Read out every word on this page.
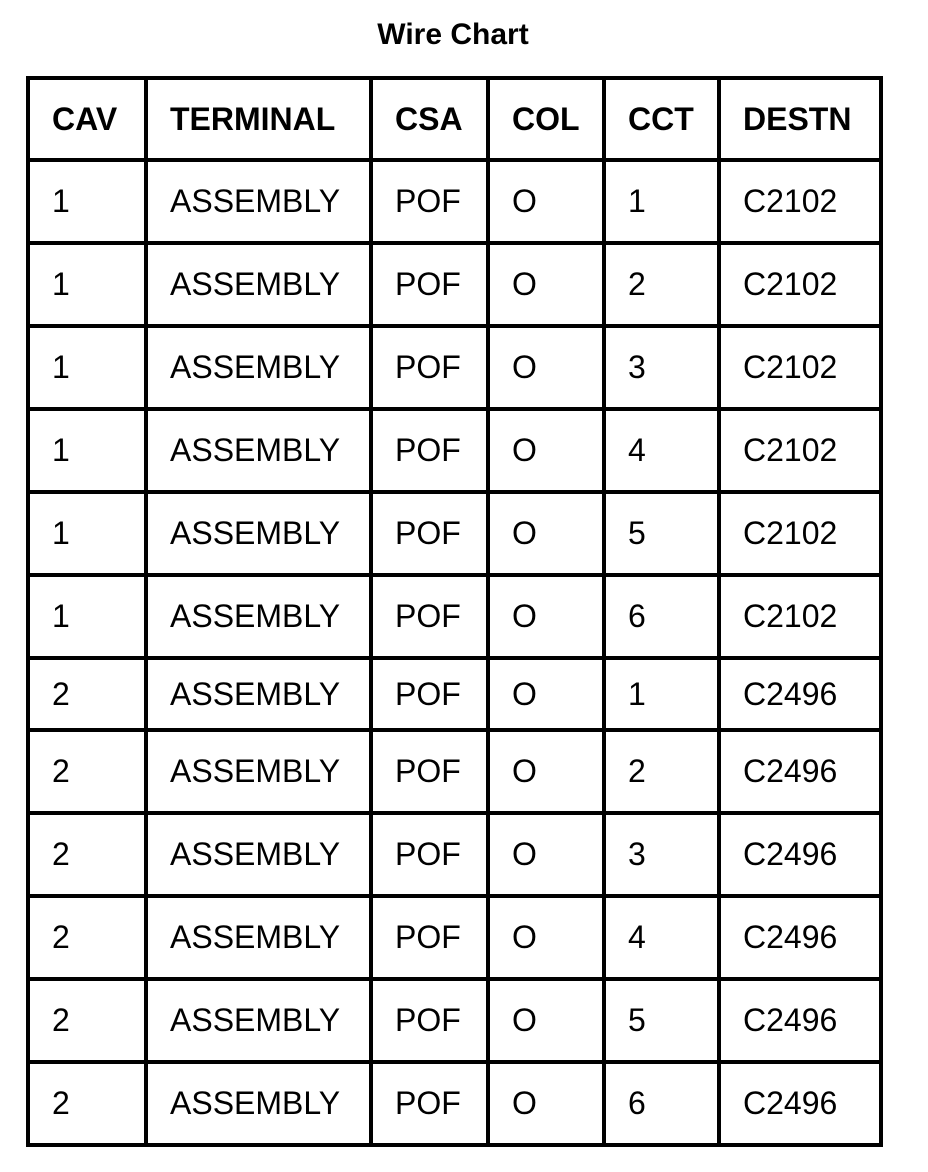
Wire Chart
CAV	TERMINAL	CSA	COL	CCT	DESTN
1	ASSEMBLY	POF	O	1	C2102
1	ASSEMBLY	POF	O	2	C2102
1	ASSEMBLY	POF	O	3	C2102
1	ASSEMBLY	POF	O	4	C2102
1	ASSEMBLY	POF	O	5	C2102
1	ASSEMBLY	POF	O	6	C2102
2	ASSEMBLY	POF	O	1	C2496
2	ASSEMBLY	POF	O	2	C2496
2	ASSEMBLY	POF	O	3	C2496
2	ASSEMBLY	POF	O	4	C2496
2	ASSEMBLY	POF	O	5	C2496
2	ASSEMBLY	POF	O	6	C2496
